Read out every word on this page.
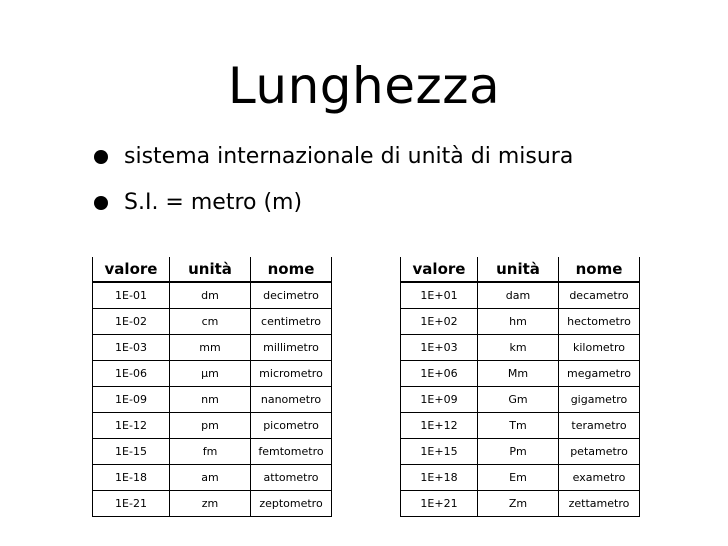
Lunghezza
sistema internazionale di unità di misura
S.I. = metro (m)
valore	unità	nome
1E-01	dm	decimetro
1E-02	cm	centimetro
1E-03	mm	millimetro
1E-06	µm	micrometro
1E-09	nm	nanometro
1E-12	pm	picometro
1E-15	fm	femtometro
1E-18	am	attometro
1E-21	zm	zeptometro
valore	unità	nome
1E+01	dam	decametro
1E+02	hm	hectometro
1E+03	km	kilometro
1E+06	Mm	megametro
1E+09	Gm	gigametro
1E+12	Tm	terametro
1E+15	Pm	petametro
1E+18	Em	exametro
1E+21	Zm	zettametro
